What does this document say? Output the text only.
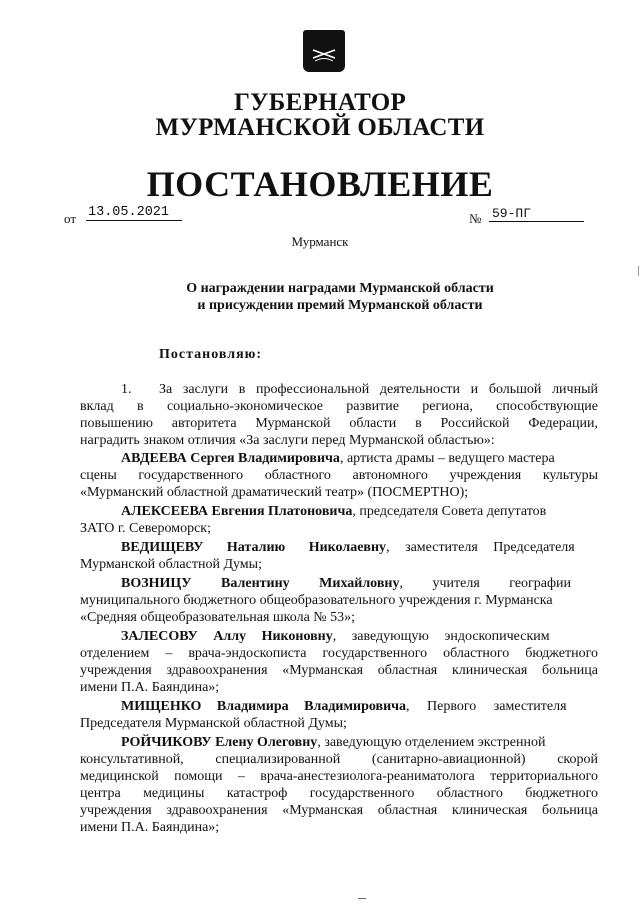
ГУБЕРНАТОР
МУРМАНСКОЙ ОБЛАСТИ
ПОСТАНОВЛЕНИЕ
от 13.05.2021	№ 59-ПГ
Мурманск
О награждении наградами Мурманской области
и присуждении премий Мурманской области
Постановляю:
1. За заслуги в профессиональной деятельности и большой личный
вклад в социально-экономическое развитие региона, способствующие
повышению авторитета Мурманской области в Российской Федерации,
наградить знаком отличия «За заслуги перед Мурманской областью»:
АВДЕЕВА Сергея Владимировича, артиста драмы – ведущего мастера
сцены государственного областного автономного учреждения культуры
«Мурманский областной драматический театр» (ПОСМЕРТНО);
АЛЕКСЕЕВА Евгения Платоновича, председателя Совета депутатов
ЗАТО г. Североморск;
ВЕДИЩЕВУ Наталию Николаевну, заместителя Председателя
Мурманской областной Думы;
ВОЗНИЦУ Валентину Михайловну, учителя географии
муниципального бюджетного общеобразовательного учреждения г. Мурманска
«Средняя общеобразовательная школа № 53»;
ЗАЛЕСОВУ Аллу Никоновну, заведующую эндоскопическим
отделением – врача-эндоскописта государственного областного бюджетного
учреждения здравоохранения «Мурманская областная клиническая больница
имени П.А. Баяндина»;
МИЩЕНКО Владимира Владимировича, Первого заместителя
Председателя Мурманской областной Думы;
РОЙЧИКОВУ Елену Олеговну, заведующую отделением экстренной
консультативной, специализированной (санитарно-авиационной) скорой
медицинской помощи – врача-анестезиолога-реаниматолога территориального
центра медицины катастроф государственного областного бюджетного
учреждения здравоохранения «Мурманская областная клиническая больница
имени П.А. Баяндина»;
